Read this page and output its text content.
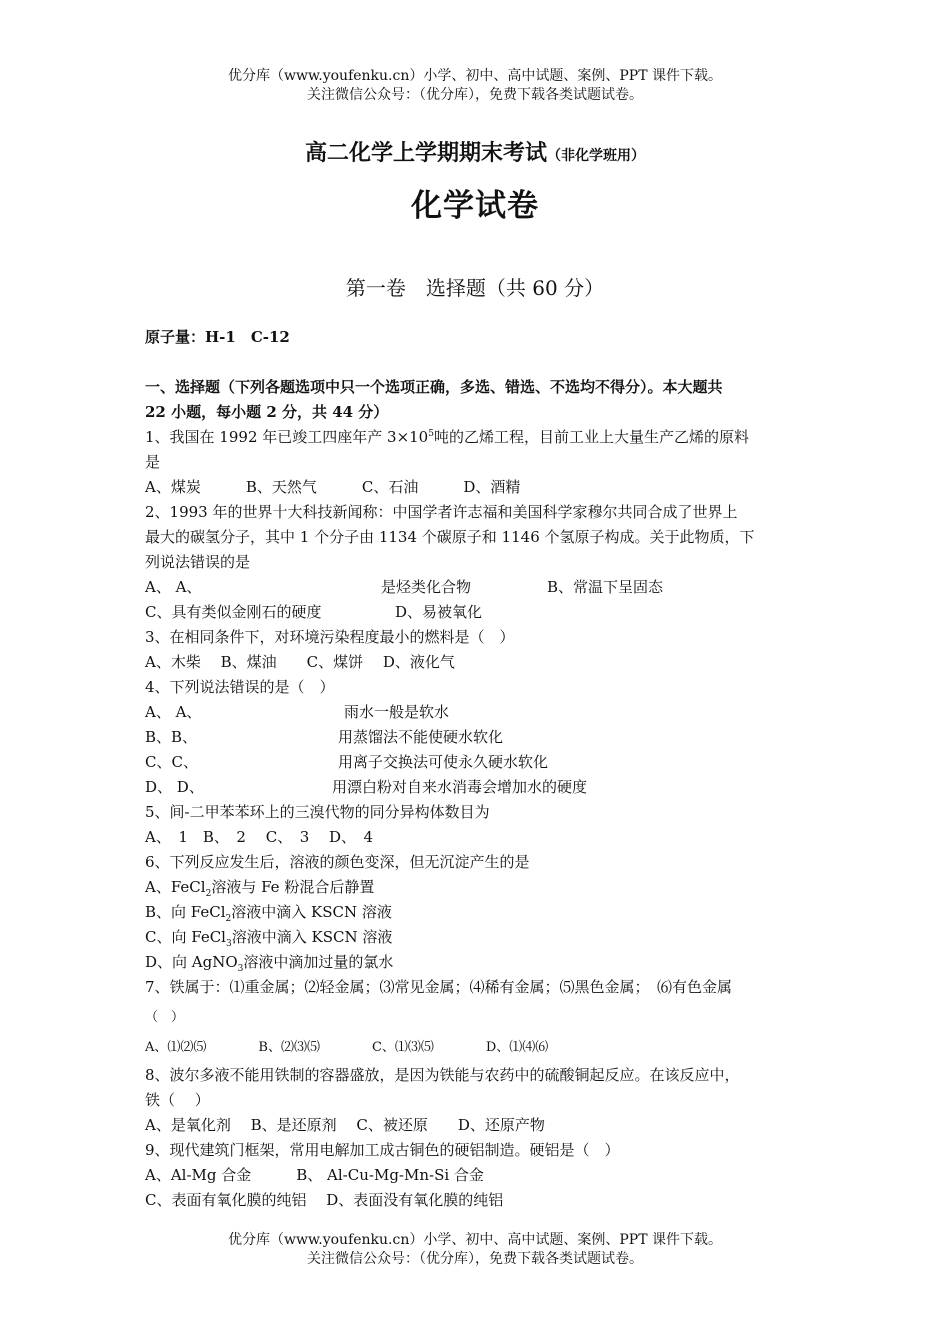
优分库（www.youfenku.cn）小学、初中、高中试题、案例、PPT 课件下载。
关注微信公众号：（优分库），免费下载各类试题试卷。
高二化学上学期期末考试（非化学班用）
化学试卷
第一卷　选择题（共 60 分）
原子量：H-1　C-12
一、选择题（下列各题选项中只一个选项正确，多选、错选、不选均不得分）。本大题共
22 小题，每小题 2 分，共 44 分）
1、我国在 1992 年已竣工四座年产 $3\times 10^5$吨的乙烯工程，目前工业上大量生产乙烯的原料
是
A、煤炭　　　B、天然气　　　C、石油　　　D、酒精
2、1993 年的世界十大科技新闻称：中国学者许志福和美国科学家穆尔共同合成了世界上
最大的碳氢分子，其中 1 个分子由 1134 个碳原子和 1146 个氢原子构成。关于此物质，下
列说法错误的是
A、 A、	是烃类化合物	B、常温下呈固态
C、具有类似金刚石的硬度	D、易被氧化
3、在相同条件下，对环境污染程度最小的燃料是（　）
A、木柴　 B、煤油　　C、煤饼　 D、液化气
4、下列说法错误的是（　）
A、 A、	雨水一般是软水
B、B、	用蒸馏法不能使硬水软化
C、C、	用离子交换法可使永久硬水软化
D、 D、	用漂白粉对自来水消毒会增加水的硬度
5、间-二甲苯苯环上的三溴代物的同分异构体数目为
A、　1　B、　2　 C、　3　 D、　4
6、下列反应发生后，溶液的颜色变深，但无沉淀产生的是
A、FeCl$_2$溶液与 Fe 粉混合后静置
B、向 FeCl$_2$溶液中滴入 KSCN 溶液
C、向 FeCl$_3$溶液中滴入 KSCN 溶液
D、向 AgNO$_3$溶液中滴加过量的氯水
7、铁属于：⑴重金属；⑵轻金属；⑶常见金属；⑷稀有金属；⑸黑色金属；　⑹有色金属
（　）
A、⑴⑵⑸　　　　B、⑵⑶⑸　　　　C、⑴⑶⑸　　　　D、⑴⑷⑹
8、波尔多液不能用铁制的容器盛放，是因为铁能与农药中的硫酸铜起反应。在该反应中，
铁（　 ）
A、是氧化剂　 B、是还原剂　 C、被还原　　D、还原产物
9、现代建筑门框架，常用电解加工成古铜色的硬铝制造。硬铝是（　）
A、Al-Mg 合金　　　B、 Al-Cu-Mg-Mn-Si 合金
C、表面有氧化膜的纯铝　 D、表面没有氧化膜的纯铝
优分库（www.youfenku.cn）小学、初中、高中试题、案例、PPT 课件下载。
关注微信公众号：（优分库），免费下载各类试题试卷。
